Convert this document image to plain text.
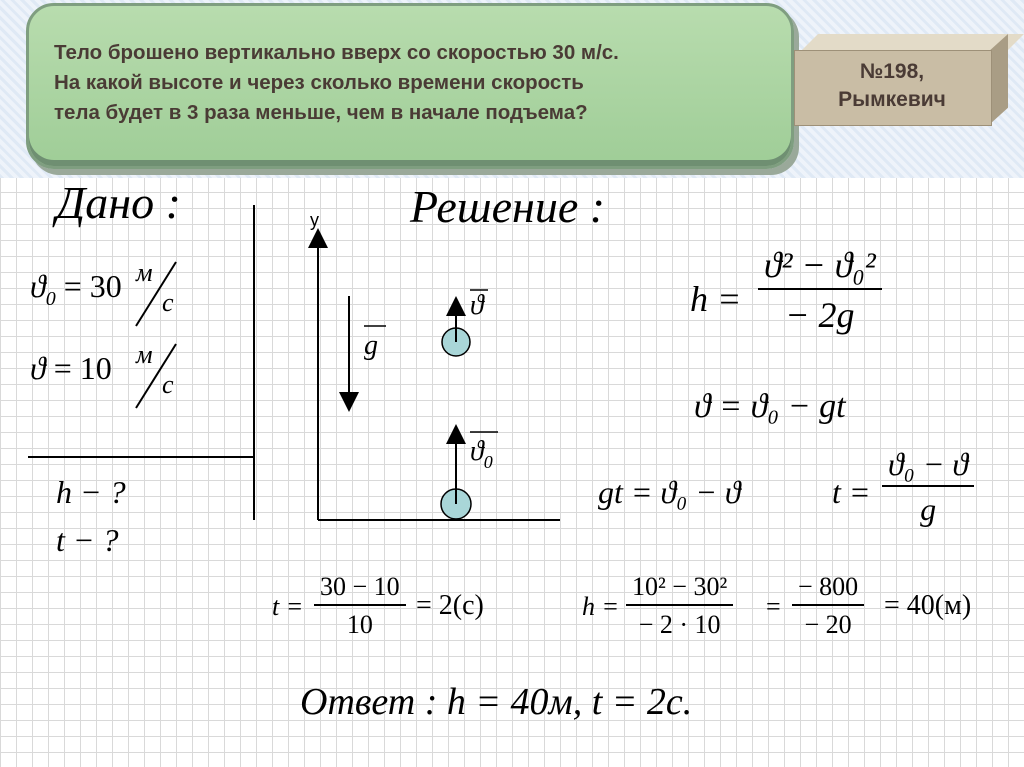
Тело брошено вертикально вверх со скоростью 30 м/с.
На какой высоте и через сколько времени скорость
тела будет в 3 раза меньше, чем в начале подъема?
№198,
Рымкевич
Дано :
$ϑ_0 = 30$ м
с
ϑ = 10 м
с
h − ?
t − ?
y
g
ϑ
$ϑ_0$
Решение :
h =
ϑ² − ϑ₀²
− 2g
ϑ = ϑ₀ − gt
gt = ϑ₀ − ϑ	t =
ϑ₀ − ϑ
g
t =
30 − 10
10
= 2(с)	h =
10² − 30²
− 2 · 10
=
− 800
− 20
= 40(м)
Ответ : h = 40м, t = 2с.
